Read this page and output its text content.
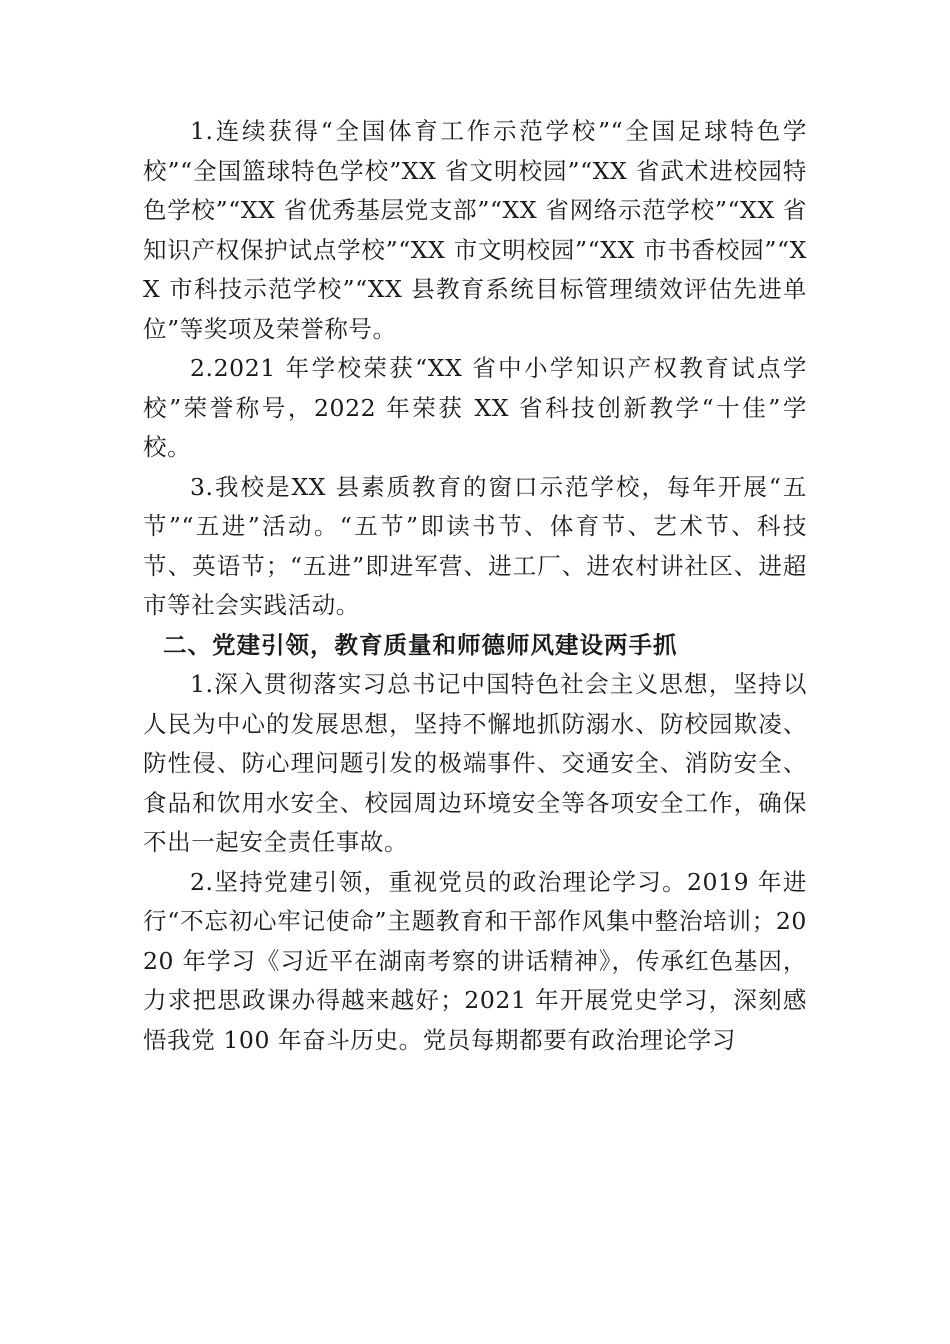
1.连续获得“全国体育工作示范学校”“全国足球特色学校”“全国篮球特色学校”XX 省文明校园”“XX 省武术进校园特色学校”“XX 省优秀基层党支部”“XX 省网络示范学校”“XX 省知识产权保护试点学校”“XX 市文明校园”“XX 市书香校园”“XX 市科技示范学校”“XX 县教育系统目标管理绩效评估先进单位”等奖项及荣誉称号。

2.2021 年学校荣获“XX 省中小学知识产权教育试点学校”荣誉称号，2022 年荣获 XX 省科技创新教学“十佳”学校。

3.我校是XX 县素质教育的窗口示范学校，每年开展“五节”“五进”活动。“五节”即读书节、体育节、艺术节、科技节、英语节；“五进”即进军营、进工厂、进农村讲社区、进超市等社会实践活动。

二、党建引领，教育质量和师德师风建设两手抓

1.深入贯彻落实习总书记中国特色社会主义思想，坚持以人民为中心的发展思想，坚持不懈地抓防溺水、防校园欺凌、防性侵、防心理问题引发的极端事件、交通安全、消防安全、食品和饮用水安全、校园周边环境安全等各项安全工作，确保不出一起安全责任事故。

2.坚持党建引领，重视党员的政治理论学习。2019 年进行“不忘初心牢记使命”主题教育和干部作风集中整治培训；2020 年学习《习近平在湖南考察的讲话精神》，传承红色基因，力求把思政课办得越来越好；2021 年开展党史学习，深刻感悟我党 100 年奋斗历史。党员每期都要有政治理论学习
